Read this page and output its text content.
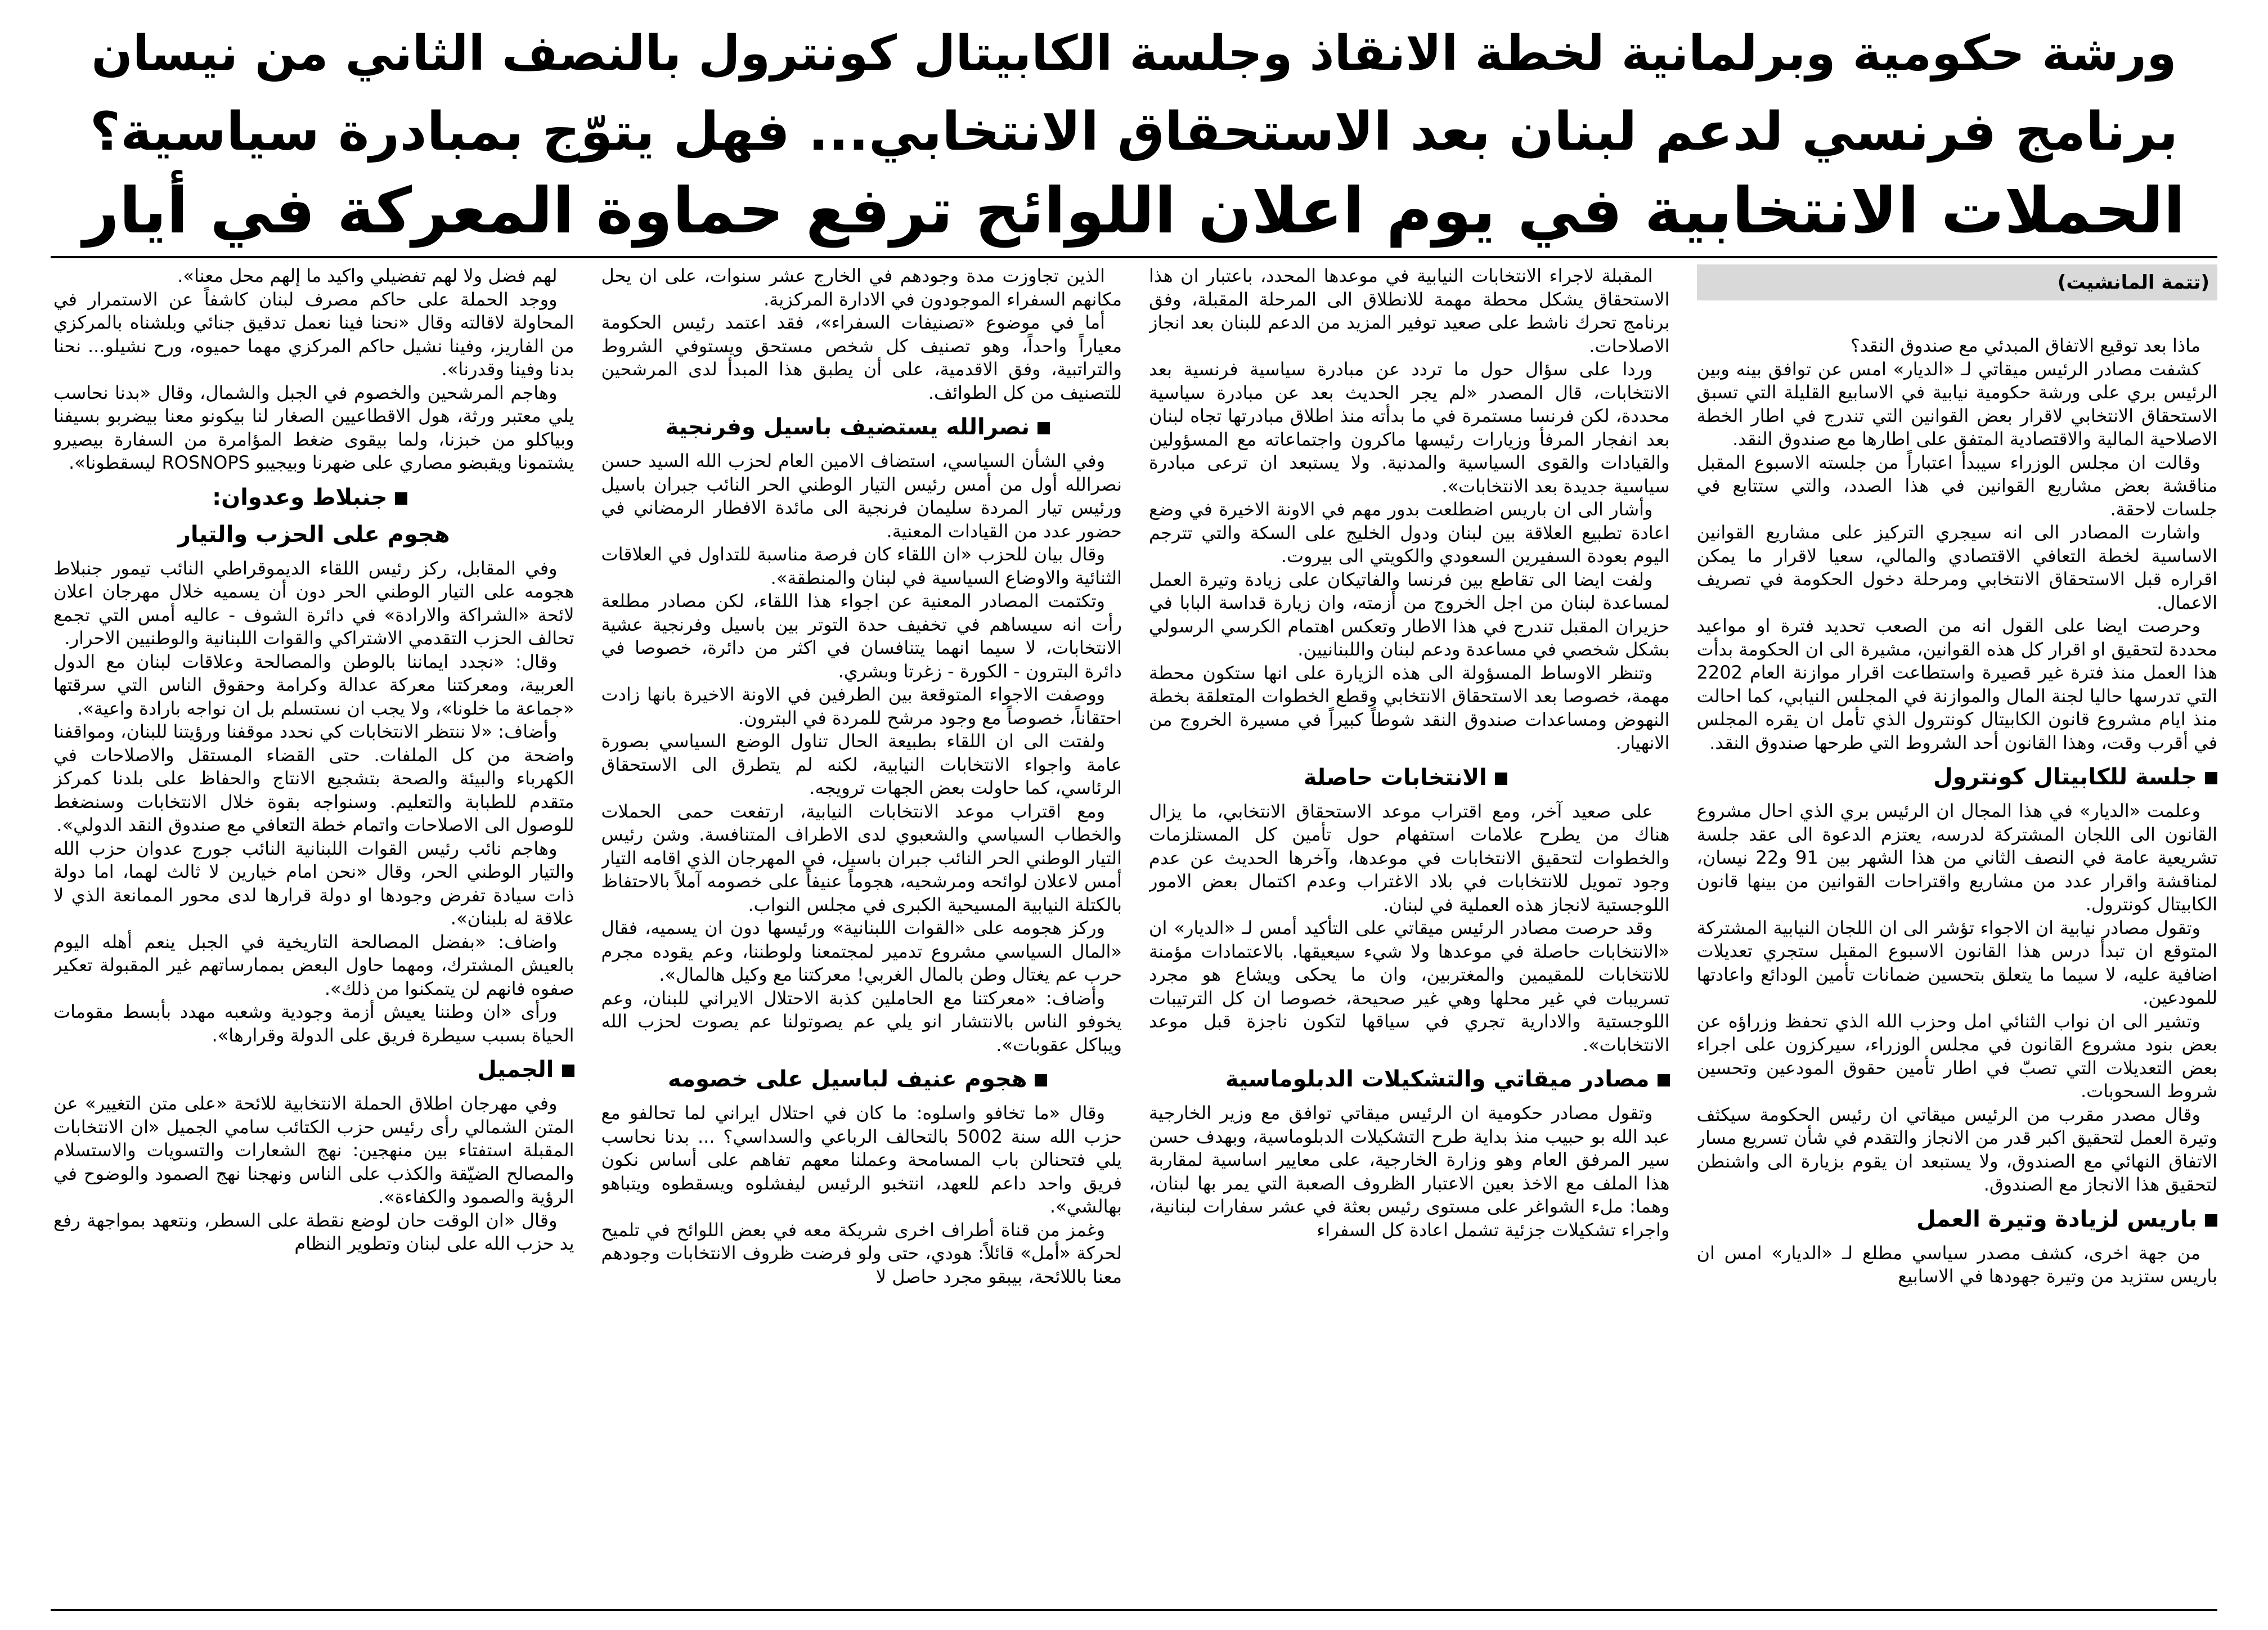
ورشة حكومية وبرلمانية لخطة الانقاذ وجلسة الكابيتال كونترول بالنصف الثاني من نيسان
برنامج فرنسي لدعم لبنان بعد الاستحقاق الانتخابي... فهل يتوّج بمبادرة سياسية؟
الحملات الانتخابية في يوم اعلان اللوائح ترفع حماوة المعركة في أيار
(تتمة المانشيت)

ماذا بعد توقيع الاتفاق المبدئي مع صندوق النقد؟

كشفت مصادر الرئيس ميقاتي لـ «الديار» امس عن توافق بينه وبين الرئيس بري على ورشة حكومية نيابية في الاسابيع القليلة التي تسبق الاستحقاق الانتخابي لاقرار بعض القوانين التي تندرج في اطار الخطة الاصلاحية المالية والاقتصادية المتفق على اطارها مع صندوق النقد.

وقالت ان مجلس الوزراء سيبدأ اعتباراً من جلسته الاسبوع المقبل مناقشة بعض مشاريع القوانين في هذا الصدد، والتي ستتابع في جلسات لاحقة.

واشارت المصادر الى انه سيجري التركيز على مشاريع القوانين الاساسية لخطة التعافي الاقتصادي والمالي، سعيا لاقرار ما يمكن اقراره قبل الاستحقاق الانتخابي ومرحلة دخول الحكومة في تصريف الاعمال.

وحرصت ايضا على القول انه من الصعب تحديد فترة او مواعيد محددة لتحقيق او اقرار كل هذه القوانين، مشيرة الى ان الحكومة بدأت هذا العمل منذ فترة غير قصيرة واستطاعت اقرار موازنة العام 2202 التي تدرسها حاليا لجنة المال والموازنة في المجلس النيابي، كما احالت منذ ايام مشروع قانون الكابيتال كونترول الذي تأمل ان يقره المجلس في أقرب وقت، وهذا القانون أحد الشروط التي طرحها صندوق النقد.

جلسة للكابيتال كونترول

وعلمت «الديار» في هذا المجال ان الرئيس بري الذي احال مشروع القانون الى اللجان المشتركة لدرسه، يعتزم الدعوة الى عقد جلسة تشريعية عامة في النصف الثاني من هذا الشهر بين 91 و22 نيسان، لمناقشة واقرار عدد من مشاريع واقتراحات القوانين من بينها قانون الكابيتال كونترول.

وتقول مصادر نيابية ان الاجواء تؤشر الى ان اللجان النيابية المشتركة المتوقع ان تبدأ درس هذا القانون الاسبوع المقبل ستجري تعديلات اضافية عليه، لا سيما ما يتعلق بتحسين ضمانات تأمين الودائع واعادتها للمودعين.

وتشير الى ان نواب الثنائي امل وحزب الله الذي تحفظ وزراؤه عن بعض بنود مشروع القانون في مجلس الوزراء، سيركزون على اجراء بعض التعديلات التي تصبّ في اطار تأمين حقوق المودعين وتحسين شروط السحوبات.

وقال مصدر مقرب من الرئيس ميقاتي ان رئيس الحكومة سيكثف وتيرة العمل لتحقيق اكبر قدر من الانجاز والتقدم في شأن تسريع مسار الاتفاق النهائي مع الصندوق، ولا يستبعد ان يقوم بزيارة الى واشنطن لتحقيق هذا الانجاز مع الصندوق.

باريس لزيادة وتيرة العمل

من جهة اخرى، كشف مصدر سياسي مطلع لـ «الديار» امس ان باريس ستزيد من وتيرة جهودها في الاسابيع

المقبلة لاجراء الانتخابات النيابية في موعدها المحدد، باعتبار ان هذا الاستحقاق يشكل محطة مهمة للانطلاق الى المرحلة المقبلة، وفق برنامج تحرك ناشط على صعيد توفير المزيد من الدعم للبنان بعد انجاز الاصلاحات.

وردا على سؤال حول ما تردد عن مبادرة سياسية فرنسية بعد الانتخابات، قال المصدر «لم يجر الحديث بعد عن مبادرة سياسية محددة، لكن فرنسا مستمرة في ما بدأته منذ اطلاق مبادرتها تجاه لبنان بعد انفجار المرفأ وزيارات رئيسها ماكرون واجتماعاته مع المسؤولين والقيادات والقوى السياسية والمدنية. ولا يستبعد ان ترعى مبادرة سياسية جديدة بعد الانتخابات».

وأشار الى ان باريس اضطلعت بدور مهم في الاونة الاخيرة في وضع اعادة تطبيع العلاقة بين لبنان ودول الخليج على السكة والتي تترجم اليوم بعودة السفيرين السعودي والكويتي الى بيروت.

ولفت ايضا الى تقاطع بين فرنسا والفاتيكان على زيادة وتيرة العمل لمساعدة لبنان من اجل الخروج من أزمته، وان زيارة قداسة البابا في حزيران المقبل تندرج في هذا الاطار وتعكس اهتمام الكرسي الرسولي بشكل شخصي في مساعدة ودعم لبنان واللبنانيين.

وتنظر الاوساط المسؤولة الى هذه الزيارة على انها ستكون محطة مهمة، خصوصا بعد الاستحقاق الانتخابي وقطع الخطوات المتعلقة بخطة النهوض ومساعدات صندوق النقد شوطاً كبيراً في مسيرة الخروج من الانهيار.

الانتخابات حاصلة

على صعيد آخر، ومع اقتراب موعد الاستحقاق الانتخابي، ما يزال هناك من يطرح علامات استفهام حول تأمين كل المستلزمات والخطوات لتحقيق الانتخابات في موعدها، وآخرها الحديث عن عدم وجود تمويل للانتخابات في بلاد الاغتراب وعدم اكتمال بعض الامور اللوجستية لانجاز هذه العملية في لبنان.

وقد حرصت مصادر الرئيس ميقاتي على التأكيد أمس لـ «الديار» ان «الانتخابات حاصلة في موعدها ولا شيء سيعيقها. بالاعتمادات مؤمنة للانتخابات للمقيمين والمغتربين، وان ما يحكى ويشاع هو مجرد تسريبات في غير محلها وهي غير صحيحة، خصوصا ان كل الترتيبات اللوجستية والادارية تجري في سياقها لتكون ناجزة قبل موعد الانتخابات».

مصادر ميقاتي والتشكيلات الدبلوماسية

وتقول مصادر حكومية ان الرئيس ميقاتي توافق مع وزير الخارجية عبد الله بو حبيب منذ بداية طرح التشكيلات الدبلوماسية، وبهدف حسن سير المرفق العام وهو وزارة الخارجية، على معايير اساسية لمقاربة هذا الملف مع الاخذ بعين الاعتبار الظروف الصعبة التي يمر بها لبنان، وهما: ملء الشواغر على مستوى رئيس بعثة في عشر سفارات لبنانية، واجراء تشكيلات جزئية تشمل اعادة كل السفراء

الذين تجاوزت مدة وجودهم في الخارج عشر سنوات، على ان يحل مكانهم السفراء الموجودون في الادارة المركزية.

أما في موضوع «تصنيفات السفراء»، فقد اعتمد رئيس الحكومة معياراً واحداً، وهو تصنيف كل شخص مستحق ويستوفي الشروط والتراتبية، وفق الاقدمية، على أن يطبق هذا المبدأ لدى المرشحين للتصنيف من كل الطوائف.

نصرالله يستضيف باسيل وفرنجية

وفي الشأن السياسي، استضاف الامين العام لحزب الله السيد حسن نصرالله أول من أمس رئيس التيار الوطني الحر النائب جبران باسيل ورئيس تيار المردة سليمان فرنجية الى مائدة الافطار الرمضاني في حضور عدد من القيادات المعنية.

وقال بيان للحزب «ان اللقاء كان فرصة مناسبة للتداول في العلاقات الثنائية والاوضاع السياسية في لبنان والمنطقة».

وتكتمت المصادر المعنية عن اجواء هذا اللقاء، لكن مصادر مطلعة رأت انه سيساهم في تخفيف حدة التوتر بين باسيل وفرنجية عشية الانتخابات، لا سيما انهما يتنافسان في اكثر من دائرة، خصوصا في دائرة البترون - الكورة - زغرتا وبشري.

ووصفت الاجواء المتوقعة بين الطرفين في الاونة الاخيرة بانها زادت احتقاناً، خصوصاً مع وجود مرشح للمردة في البترون.

ولفتت الى ان اللقاء بطبيعة الحال تناول الوضع السياسي بصورة عامة واجواء الانتخابات النيابية، لكنه لم يتطرق الى الاستحقاق الرئاسي، كما حاولت بعض الجهات ترويجه.

ومع اقتراب موعد الانتخابات النيابية، ارتفعت حمى الحملات والخطاب السياسي والشعبوي لدى الاطراف المتنافسة. وشن رئيس التيار الوطني الحر النائب جبران باسيل، في المهرجان الذي اقامه التيار أمس لاعلان لوائحه ومرشحيه، هجوماً عنيفاً على خصومه آملاً بالاحتفاظ بالكتلة النيابية المسيحية الكبرى في مجلس النواب.

وركز هجومه على «القوات اللبنانية» ورئيسها دون ان يسميه، فقال «المال السياسي مشروع تدمير لمجتمعنا ولوطننا، وعم يقوده مجرم حرب عم يغتال وطن بالمال الغربي! معركتنا مع وكيل هالمال».

وأضاف: «معركتنا مع الحاملين كذبة الاحتلال الايراني للبنان، وعم يخوفو الناس بالانتشار انو يلي عم يصوتولنا عم يصوت لحزب الله ويباكل عقوبات».

هجوم عنيف لباسيل على خصومه

وقال «ما تخافو واسلوه: ما كان في احتلال ايراني لما تحالفو مع حزب الله سنة 5002 بالتحالف الرباعي والسداسي؟ ... بدنا نحاسب يلي فتحنالن باب المسامحة وعملنا معهم تفاهم على أساس نكون فريق واحد داعم للعهد، انتخبو الرئيس ليفشلوه ويسقطوه ويتباهو بهالشي».

وغمز من قناة أطراف اخرى شريكة معه في بعض اللوائح في تلميح لحركة «أمل» قائلاً: هودي، حتى ولو فرضت ظروف الانتخابات وجودهم معنا باللائحة، بيبقو مجرد حاصل لا

لهم فضل ولا لهم تفضيلي واكيد ما إلهم محل معنا».

ووجد الحملة على حاكم مصرف لبنان كاشفاً عن الاستمرار في المحاولة لاقالته وقال «نحنا فينا نعمل تدقيق جنائي وبلشناه بالمركزي من الفاريز، وفينا نشيل حاكم المركزي مهما حميوه، ورح نشيلو... نحنا بدنا وفينا وقدرنا».

وهاجم المرشحين والخصوم في الجبل والشمال، وقال «بدنا نحاسب يلي معتبر ورثة، هول الاقطاعيين الصغار لنا بيكونو معنا بيضربو بسيفنا وبياكلو من خبزنا، ولما بيقوى ضغط المؤامرة من السفارة بيصيرو يشتمونا ويقبضو مصاري على ضهرنا وبيجيبو ROSNOPS ليسقطونا».

جنبلاط وعدوان:
هجوم على الحزب والتيار

وفي المقابل، ركز رئيس اللقاء الديموقراطي النائب تيمور جنبلاط هجومه على التيار الوطني الحر دون أن يسميه خلال مهرجان اعلان لائحة «الشراكة والارادة» في دائرة الشوف - عاليه أمس التي تجمع تحالف الحزب التقدمي الاشتراكي والقوات اللبنانية والوطنيين الاحرار.

وقال: «نجدد ايماننا بالوطن والمصالحة وعلاقات لبنان مع الدول العربية، ومعركتنا معركة عدالة وكرامة وحقوق الناس التي سرقتها «جماعة ما خلونا»، ولا يجب ان نستسلم بل ان نواجه بارادة واعية».

وأضاف: «لا ننتظر الانتخابات كي نحدد موقفنا ورؤيتنا للبنان، ومواقفنا واضحة من كل الملفات. حتى القضاء المستقل والاصلاحات في الكهرباء والبيئة والصحة بتشجيع الانتاج والحفاظ على بلدنا كمركز متقدم للطبابة والتعليم. وسنواجه بقوة خلال الانتخابات وسنضغط للوصول الى الاصلاحات واتمام خطة التعافي مع صندوق النقد الدولي».

وهاجم نائب رئيس القوات اللبنانية النائب جورج عدوان حزب الله والتيار الوطني الحر، وقال «نحن امام خيارين لا ثالث لهما، اما دولة ذات سيادة تفرض وجودها او دولة قرارها لدى محور الممانعة الذي لا علاقة له بلبنان».

واضاف: «بفضل المصالحة التاريخية في الجبل ينعم أهله اليوم بالعيش المشترك، ومهما حاول البعض بممارساتهم غير المقبولة تعكير صفوه فانهم لن يتمكنوا من ذلك».

ورأى «ان وطننا يعيش أزمة وجودية وشعبه مهدد بأبسط مقومات الحياة بسبب سيطرة فريق على الدولة وقرارها».

الجميل

وفي مهرجان اطلاق الحملة الانتخابية للائحة «على متن التغيير» عن المتن الشمالي رأى رئيس حزب الكتائب سامي الجميل «ان الانتخابات المقبلة استفتاء بين منهجين: نهج الشعارات والتسويات والاستسلام والمصالح الضيّقة والكذب على الناس ونهجنا نهج الصمود والوضوح في الرؤية والصمود والكفاءة».

وقال «ان الوقت حان لوضع نقطة على السطر، ونتعهد بمواجهة رفع يد حزب الله على لبنان وتطوير النظام
